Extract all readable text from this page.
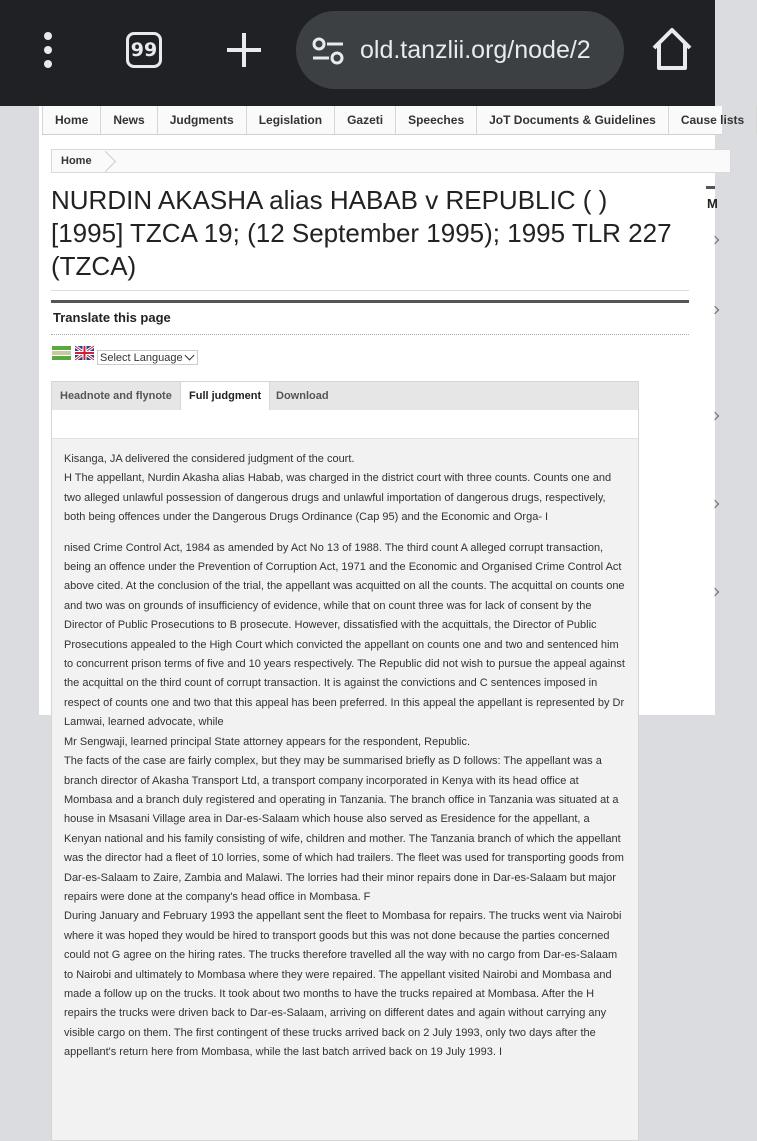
99	old.tanzlii.org/node/2
Home News Judgments Legislation Gazeti Speeches JoT Documents & Guidelines Cause lists
Home
NURDIN AKASHA alias HABAB v REPUBLIC ( ) [1995] TZCA 19; (12 September 1995); 1995 TLR 227 (TZCA)
Translate this page
Select Language
M
Headnote and flynote	Full judgment	Download

Kisanga, JA delivered the considered judgment of the court.

H The appellant, Nurdin Akasha alias Habab, was charged in the district court with three counts. Counts one and two alleged unlawful possession of dangerous drugs and unlawful importation of dangerous drugs, respectively, both being offences under the Dangerous Drugs Ordinance (Cap 95) and the Economic and Orga- I

nised Crime Control Act, 1984 as amended by Act No 13 of 1988. The third count A alleged corrupt transaction, being an offence under the Prevention of Corruption Act, 1971 and the Economic and Organised Crime Control Act above cited. At the conclusion of the trial, the appellant was acquitted on all the counts. The acquittal on counts one and two was on grounds of insufficiency of evidence, while that on count three was for lack of consent by the Director of Public Prosecutions to B prosecute. However, dissatisfied with the acquittals, the Director of Public Prosecutions appealed to the High Court which convicted the appellant on counts one and two and sentenced him to concurrent prison terms of five and 10 years respectively. The Republic did not wish to pursue the appeal against the acquittal on the third count of corrupt transaction. It is against the convictions and C sentences imposed in respect of counts one and two that this appeal has been preferred. In this appeal the appellant is represented by Dr Lamwai, learned advocate, while

Mr Sengwaji, learned principal State attorney appears for the respondent, Republic.

The facts of the case are fairly complex, but they may be summarised briefly as D follows: The appellant was a branch director of Akasha Transport Ltd, a transport company incorporated in Kenya with its head office at Mombasa and a branch duly registered and operating in Tanzania. The branch office in Tanzania was situated at a house in Msasani Village area in Dar-es-Salaam which house also served as Eresidence for the appellant, a Kenyan national and his family consisting of wife, children and mother. The Tanzania branch of which the appellant was the director had a fleet of 10 lorries, some of which had trailers. The fleet was used for transporting goods from Dar-es-Salaam to Zaire, Zambia and Malawi. The lorries had their minor repairs done in Dar-es-Salaam but major repairs were done at the company's head office in Mombasa. F

During January and February 1993 the appellant sent the fleet to Mombasa for repairs. The trucks went via Nairobi where it was hoped they would be hired to transport goods but this was not done because the parties concerned could not G agree on the hiring rates. The trucks therefore travelled all the way with no cargo from Dar-es-Salaam to Nairobi and ultimately to Mombasa where they were repaired. The appellant visited Nairobi and Mombasa and made a follow up on the trucks. It took about two months to have the trucks repaired at Mombasa. After the H repairs the trucks were driven back to Dar-es-Salaam, arriving on different dates and again without carrying any visible cargo on them. The first contingent of these trucks arrived back on 2 July 1993, only two days after the appellant's return here from Mombasa, while the last batch arrived back on 19 July 1993. I
